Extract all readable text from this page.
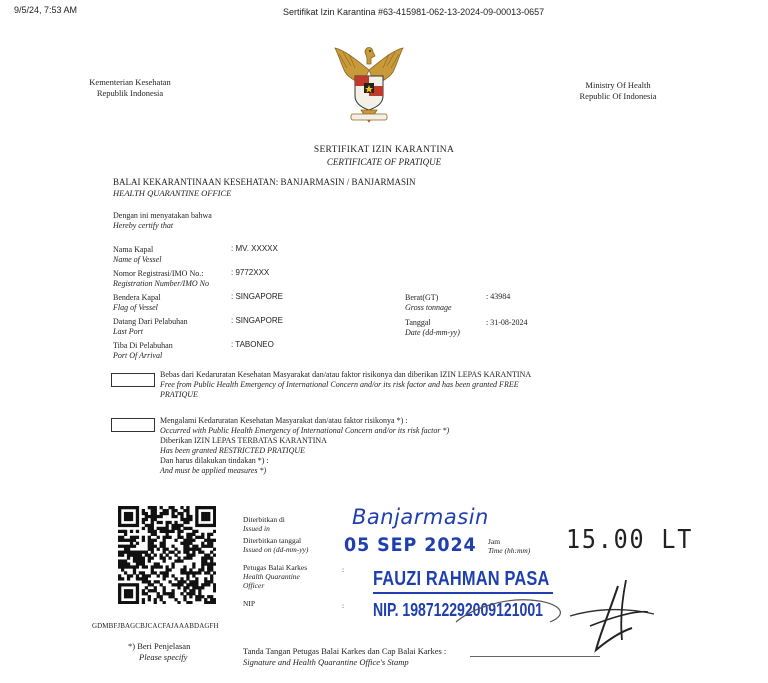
9/5/24, 7:53 AM	Sertifikat Izin Karantina #63-415981-062-13-2024-09-00013-0657
Kementerian Kesehatan
Republik Indonesia
Ministry Of Health
Republic Of Indonesia
SERTIFIKAT IZIN KARANTINA
CERTIFICATE OF PRATIQUE
BALAI KEKARANTINAAN KESEHATAN: BANJARMASIN / BANJARMASIN
HEALTH QUARANTINE OFFICE
Dengan ini menyatakan bahwa
Hereby certify that
Nama Kapal
Name of Vessel
: MV. XXXXX
Nomor Registrasi/IMO No.:
Registration Number/IMO No
: 9772XXX
Bendera Kapal
Flag of Vessel
: SINGAPORE
Datang Dari Pelabuhan
Last Port
: SINGAPORE
Tiba Di Pelabuhan
Port Of Arrival
: TABONEO
Berat(GT)
Gross tonnage
: 43984
Tanggal
Date (dd-mm-yy)
: 31-08-2024
Bebas dari Kedaruratan Kesehatan Masyarakat dan/atau faktor risikonya dan diberikan IZIN LEPAS KARANTINA
Free from Public Health Emergency of International Concern and/or its risk factor and has been granted FREE
PRATIQUE
Mengalami Kedaruratan Kesehatan Masyarakat dan/atau faktor risikonya *) :
Occurred with Public Health Emergency of International Concern and/or its risk factor *)
Diberikan IZIN LEPAS TERBATAS KARANTINA
Has been granted RESTRICTED PRATIQUE
Dan harus dilakukan tindakan *) :
And must be applied measures *)
GDMBFJBAGCBJCACFAJAAABDAGFH
Diterbitkan di
Issued in
Diterbitkan tanggal
Issued on (dd-mm-yy)
Petugas Balai Karkes
Health Quarantine
Officer
NIP
:
:
Banjarmasin
05 SEP 2024 Jam
Time (hh:mm) 15.00 LT
FAUZI RAHMAN PASA
NIP. 198712292009121001
*) Beri Penjelasan
Please specify
Tanda Tangan Petugas Balai Karkes dan Cap Balai Karkes :
Signature and Health Quarantine Office's Stamp
